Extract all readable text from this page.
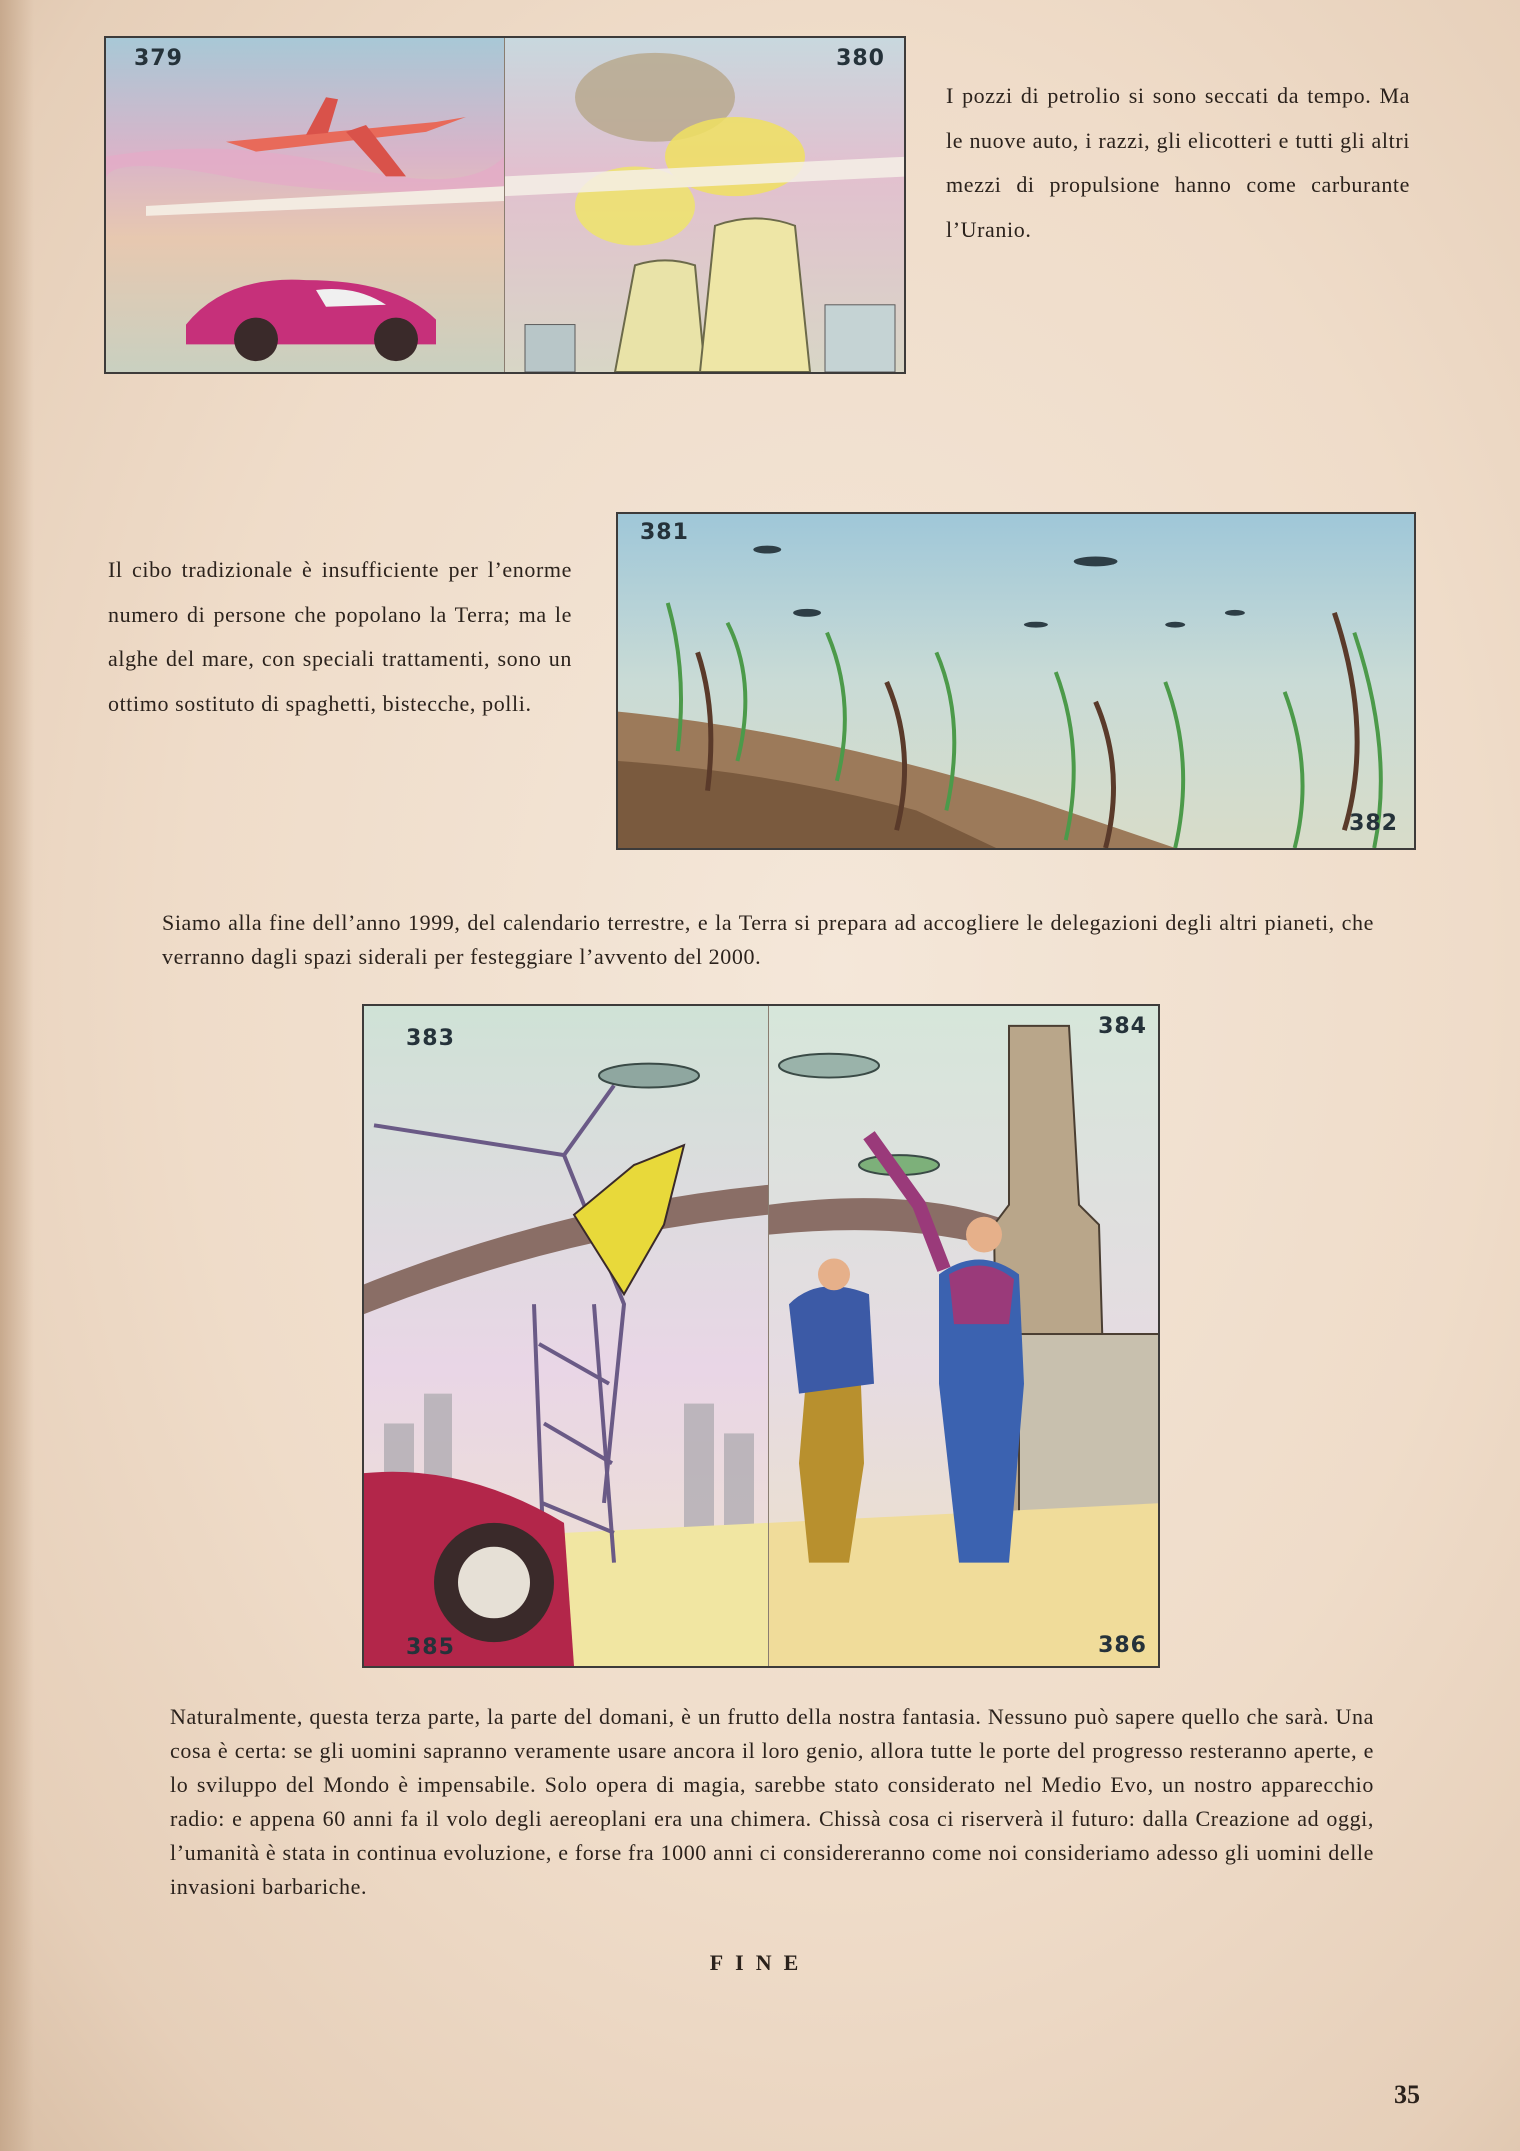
379	380

I pozzi di petrolio si sono seccati da tempo. Ma le nuove auto, i razzi, gli elicotteri e tutti gli altri mezzi di propulsione hanno come carburante l’Uranio.

381
382

Il cibo tradizionale è insufficiente per l’enorme numero di persone che popolano la Terra; ma le alghe del mare, con speciali trattamenti, sono un ottimo sostituto di spaghetti, bistecche, polli.

Siamo alla fine dell’anno 1999, del calendario terrestre, e la Terra si prepara ad accogliere le delegazioni degli altri pianeti, che verranno dagli spazi siderali per festeggiare l’avvento del 2000.

383
385
384
386

Naturalmente, questa terza parte, la parte del domani, è un frutto della nostra fantasia. Nessuno può sapere quello che sarà. Una cosa è certa: se gli uomini sapranno veramente usare ancora il loro genio, allora tutte le porte del progresso resteranno aperte, e lo sviluppo del Mondo è impensabile. Solo opera di magia, sarebbe stato considerato nel Medio Evo, un nostro apparecchio radio: e appena 60 anni fa il volo degli aereoplani era una chimera. Chissà cosa ci riserverà il futuro: dalla Creazione ad oggi, l’umanità è stata in continua evoluzione, e forse fra 1000 anni ci considereranno come noi consideriamo adesso gli uomini delle invasioni barbariche.

FINE
35
